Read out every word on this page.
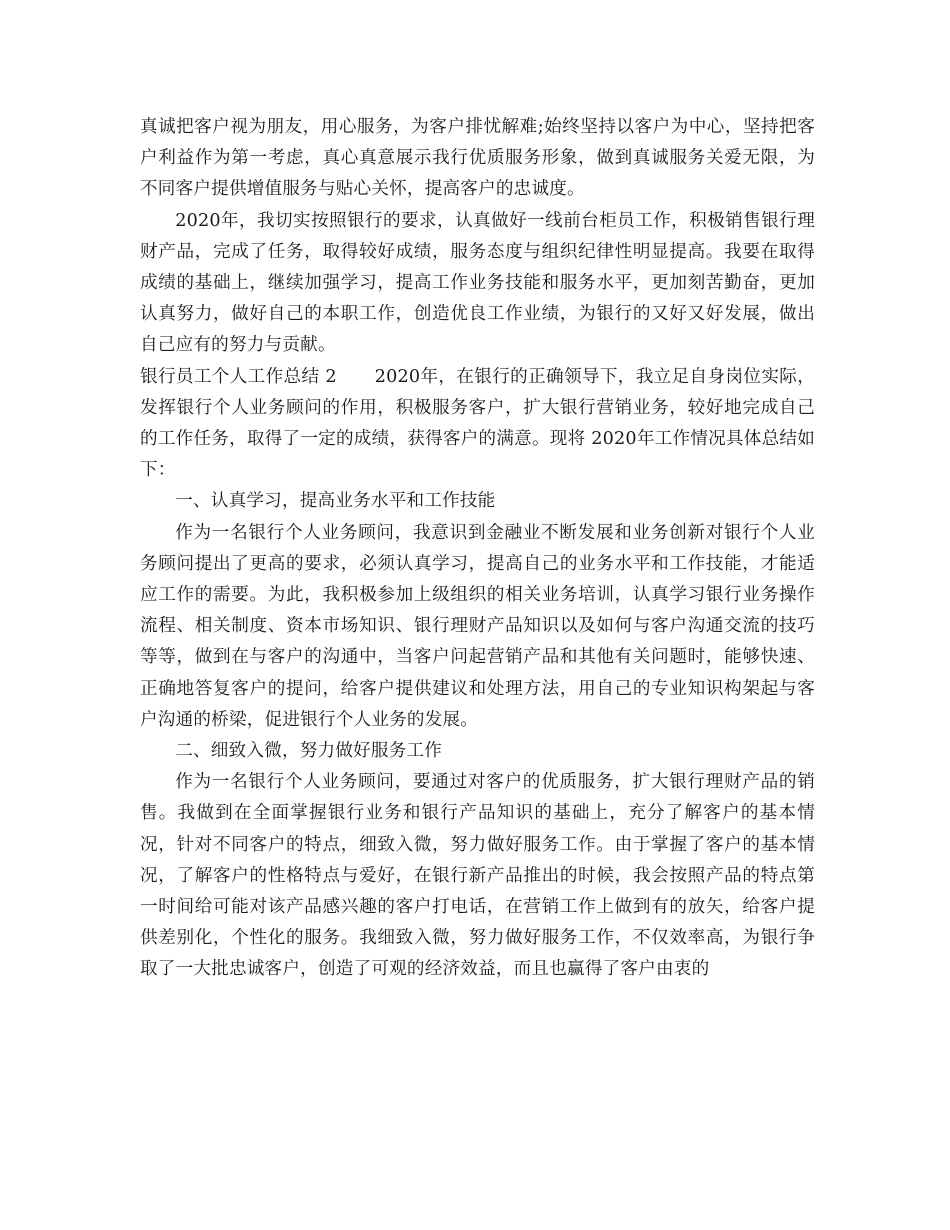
真诚把客户视为朋友，用心服务，为客户排忧解难;始终坚持以客户为中心，坚持把客户利益作为第一考虑，真心真意展示我行优质服务形象，做到真诚服务关爱无限，为不同客户提供增值服务与贴心关怀，提高客户的忠诚度。

2020年，我切实按照银行的要求，认真做好一线前台柜员工作，积极销售银行理财产品，完成了任务，取得较好成绩，服务态度与组织纪律性明显提高。我要在取得成绩的基础上，继续加强学习，提高工作业务技能和服务水平，更加刻苦勤奋，更加认真努力，做好自己的本职工作，创造优良工作业绩，为银行的又好又好发展，做出自己应有的努力与贡献。

银行员工个人工作总结 2 2020年，在银行的正确领导下，我立足自身岗位实际，发挥银行个人业务顾问的作用，积极服务客户，扩大银行营销业务，较好地完成自己的工作任务，取得了一定的成绩，获得客户的满意。现将 2020年工作情况具体总结如下：

一、认真学习，提高业务水平和工作技能

作为一名银行个人业务顾问，我意识到金融业不断发展和业务创新对银行个人业务顾问提出了更高的要求，必须认真学习，提高自己的业务水平和工作技能，才能适应工作的需要。为此，我积极参加上级组织的相关业务培训，认真学习银行业务操作流程、相关制度、资本市场知识、银行理财产品知识以及如何与客户沟通交流的技巧等等，做到在与客户的沟通中，当客户问起营销产品和其他有关问题时，能够快速、正确地答复客户的提问，给客户提供建议和处理方法，用自己的专业知识构架起与客户沟通的桥梁，促进银行个人业务的发展。

二、细致入微，努力做好服务工作

作为一名银行个人业务顾问，要通过对客户的优质服务，扩大银行理财产品的销售。我做到在全面掌握银行业务和银行产品知识的基础上，充分了解客户的基本情况，针对不同客户的特点，细致入微，努力做好服务工作。由于掌握了客户的基本情况，了解客户的性格特点与爱好，在银行新产品推出的时候，我会按照产品的特点第一时间给可能对该产品感兴趣的客户打电话，在营销工作上做到有的放矢，给客户提供差别化，个性化的服务。我细致入微，努力做好服务工作，不仅效率高，为银行争取了一大批忠诚客户，创造了可观的经济效益，而且也赢得了客户由衷的
